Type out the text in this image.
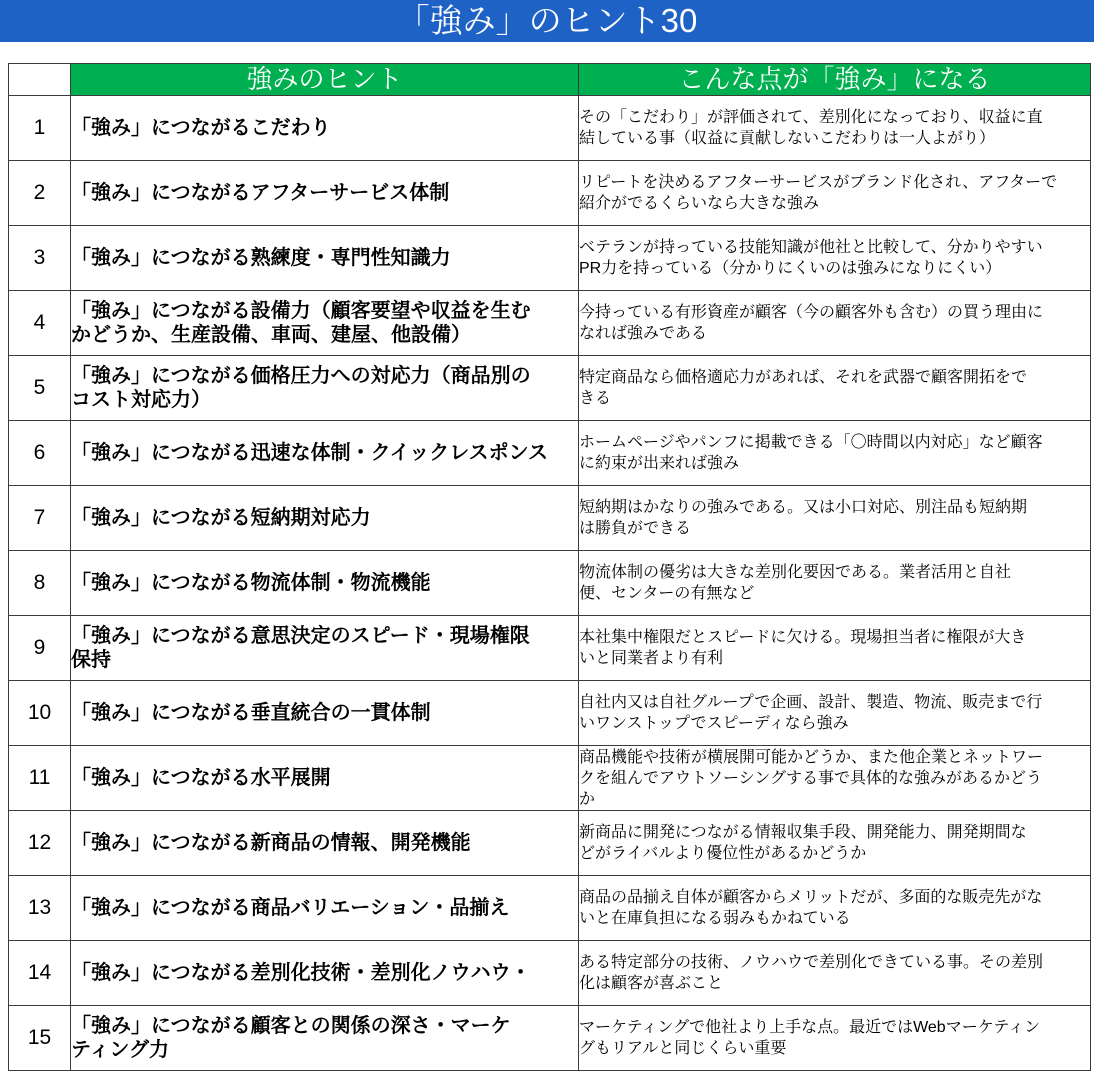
「強み」のヒント30
	強みのヒント	こんな点が「強み」になる
1	「強み」につながるこだわり	その「こだわり」が評価されて、差別化になっており、収益に直
結している事（収益に貢献しないこだわりは一人よがり）
2	「強み」につながるアフターサービス体制	リピートを決めるアフターサービスがブランド化され、アフターで
紹介がでるくらいなら大きな強み
3	「強み」につながる熟練度・専門性知識力	ベテランが持っている技能知識が他社と比較して、分かりやすい
PR力を持っている（分かりにくいのは強みになりにくい）
4	「強み」につながる設備力（顧客要望や収益を生む
かどうか、生産設備、車両、建屋、他設備）	今持っている有形資産が顧客（今の顧客外も含む）の買う理由に
なれば強みである
5	「強み」につながる価格圧力への対応力（商品別の
コスト対応力）	特定商品なら価格適応力があれば、それを武器で顧客開拓をで
きる
6	「強み」につながる迅速な体制・クイックレスポンス	ホームページやパンフに掲載できる「〇時間以内対応」など顧客
に約束が出来れば強み
7	「強み」につながる短納期対応力	短納期はかなりの強みである。又は小口対応、別注品も短納期
は勝負ができる
8	「強み」につながる物流体制・物流機能	物流体制の優劣は大きな差別化要因である。業者活用と自社
便、センターの有無など
9	「強み」につながる意思決定のスピード・現場権限
保持	本社集中権限だとスピードに欠ける。現場担当者に権限が大き
いと同業者より有利
10	「強み」につながる垂直統合の一貫体制	自社内又は自社グループで企画、設計、製造、物流、販売まで行
いワンストップでスピーディなら強み
11	「強み」につながる水平展開	商品機能や技術が横展開可能かどうか、また他企業とネットワー
クを組んでアウトソーシングする事で具体的な強みがあるかどう
か
12	「強み」につながる新商品の情報、開発機能	新商品に開発につながる情報収集手段、開発能力、開発期間な
どがライバルより優位性があるかどうか
13	「強み」につながる商品バリエーション・品揃え	商品の品揃え自体が顧客からメリットだが、多面的な販売先がな
いと在庫負担になる弱みもかねている
14	「強み」につながる差別化技術・差別化ノウハウ・	ある特定部分の技術、ノウハウで差別化できている事。その差別
化は顧客が喜ぶこと
15	「強み」につながる顧客との関係の深さ・マーケ
ティング力	マーケティングで他社より上手な点。最近ではWebマーケティン
グもリアルと同じくらい重要
